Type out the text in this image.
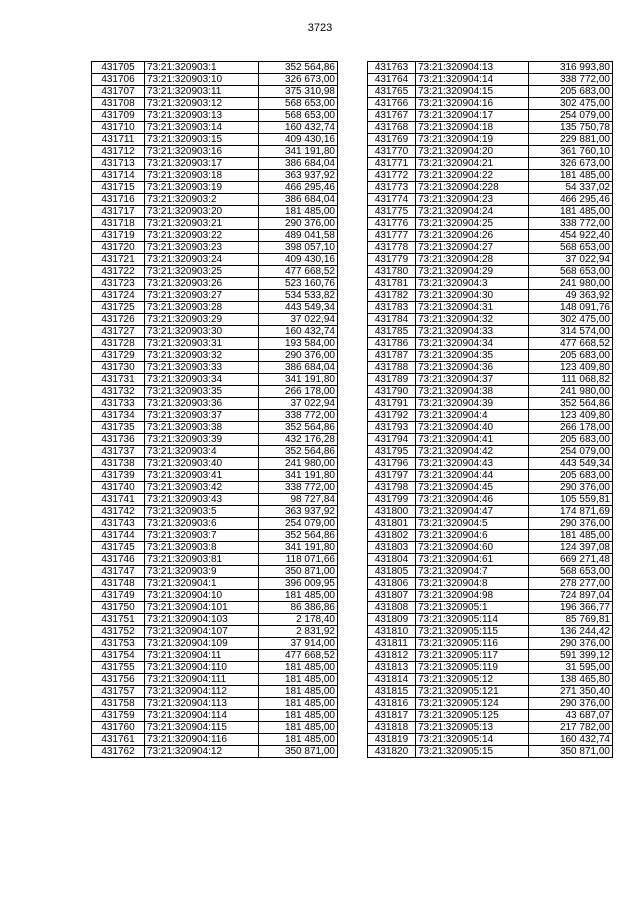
3723
431705	73:21:320903:1	352 564,86
431706	73:21:320903:10	326 673,00
431707	73:21:320903:11	375 310,98
431708	73:21:320903:12	568 653,00
431709	73:21:320903:13	568 653,00
431710	73:21:320903:14	160 432,74
431711	73:21:320903:15	409 430,16
431712	73:21:320903:16	341 191,80
431713	73:21:320903:17	386 684,04
431714	73:21:320903:18	363 937,92
431715	73:21:320903:19	466 295,46
431716	73:21:320903:2	386 684,04
431717	73:21:320903:20	181 485,00
431718	73:21:320903:21	290 376,00
431719	73:21:320903:22	489 041,58
431720	73:21:320903:23	398 057,10
431721	73:21:320903:24	409 430,16
431722	73:21:320903:25	477 668,52
431723	73:21:320903:26	523 160,76
431724	73:21:320903:27	534 533,82
431725	73:21:320903:28	443 549,34
431726	73:21:320903:29	37 022,94
431727	73:21:320903:30	160 432,74
431728	73:21:320903:31	193 584,00
431729	73:21:320903:32	290 376,00
431730	73:21:320903:33	386 684,04
431731	73:21:320903:34	341 191,80
431732	73:21:320903:35	266 178,00
431733	73:21:320903:36	37 022,94
431734	73:21:320903:37	338 772,00
431735	73:21:320903:38	352 564,86
431736	73:21:320903:39	432 176,28
431737	73:21:320903:4	352 564,86
431738	73:21:320903:40	241 980,00
431739	73:21:320903:41	341 191,80
431740	73:21:320903:42	338 772,00
431741	73:21:320903:43	98 727,84
431742	73:21:320903:5	363 937,92
431743	73:21:320903:6	254 079,00
431744	73:21:320903:7	352 564,86
431745	73:21:320903:8	341 191,80
431746	73:21:320903:81	118 071,66
431747	73:21:320903:9	350 871,00
431748	73:21:320904:1	396 009,95
431749	73:21:320904:10	181 485,00
431750	73:21:320904:101	86 386,86
431751	73:21:320904:103	2 178,40
431752	73:21:320904:107	2 831,92
431753	73:21:320904:109	37 914,00
431754	73:21:320904:11	477 668,52
431755	73:21:320904:110	181 485,00
431756	73:21:320904:111	181 485,00
431757	73:21:320904:112	181 485,00
431758	73:21:320904:113	181 485,00
431759	73:21:320904:114	181 485,00
431760	73:21:320904:115	181 485,00
431761	73:21:320904:116	181 485,00
431762	73:21:320904:12	350 871,00
431763	73:21:320904:13	316 993,80
431764	73:21:320904:14	338 772,00
431765	73:21:320904:15	205 683,00
431766	73:21:320904:16	302 475,00
431767	73:21:320904:17	254 079,00
431768	73:21:320904:18	135 750,78
431769	73:21:320904:19	229 881,00
431770	73:21:320904:20	361 760,10
431771	73:21:320904:21	326 673,00
431772	73:21:320904:22	181 485,00
431773	73:21:320904:228	54 337,02
431774	73:21:320904:23	466 295,46
431775	73:21:320904:24	181 485,00
431776	73:21:320904:25	338 772,00
431777	73:21:320904:26	454 922,40
431778	73:21:320904:27	568 653,00
431779	73:21:320904:28	37 022,94
431780	73:21:320904:29	568 653,00
431781	73:21:320904:3	241 980,00
431782	73:21:320904:30	49 363,92
431783	73:21:320904:31	148 091,76
431784	73:21:320904:32	302 475,00
431785	73:21:320904:33	314 574,00
431786	73:21:320904:34	477 668,52
431787	73:21:320904:35	205 683,00
431788	73:21:320904:36	123 409,80
431789	73:21:320904:37	111 068,82
431790	73:21:320904:38	241 980,00
431791	73:21:320904:39	352 564,86
431792	73:21:320904:4	123 409,80
431793	73:21:320904:40	266 178,00
431794	73:21:320904:41	205 683,00
431795	73:21:320904:42	254 079,00
431796	73:21:320904:43	443 549,34
431797	73:21:320904:44	205 683,00
431798	73:21:320904:45	290 376,00
431799	73:21:320904:46	105 559,81
431800	73:21:320904:47	174 871,69
431801	73:21:320904:5	290 376,00
431802	73:21:320904:6	181 485,00
431803	73:21:320904:60	124 397,08
431804	73:21:320904:61	669 271,48
431805	73:21:320904:7	568 653,00
431806	73:21:320904:8	278 277,00
431807	73:21:320904:98	724 897,04
431808	73:21:320905:1	196 366,77
431809	73:21:320905:114	85 769,81
431810	73:21:320905:115	136 244,42
431811	73:21:320905:116	290 376,00
431812	73:21:320905:117	591 399,12
431813	73:21:320905:119	31 595,00
431814	73:21:320905:12	138 465,80
431815	73:21:320905:121	271 350,40
431816	73:21:320905:124	290 376,00
431817	73:21:320905:125	43 687,07
431818	73:21:320905:13	217 782,00
431819	73:21:320905:14	160 432,74
431820	73:21:320905:15	350 871,00
